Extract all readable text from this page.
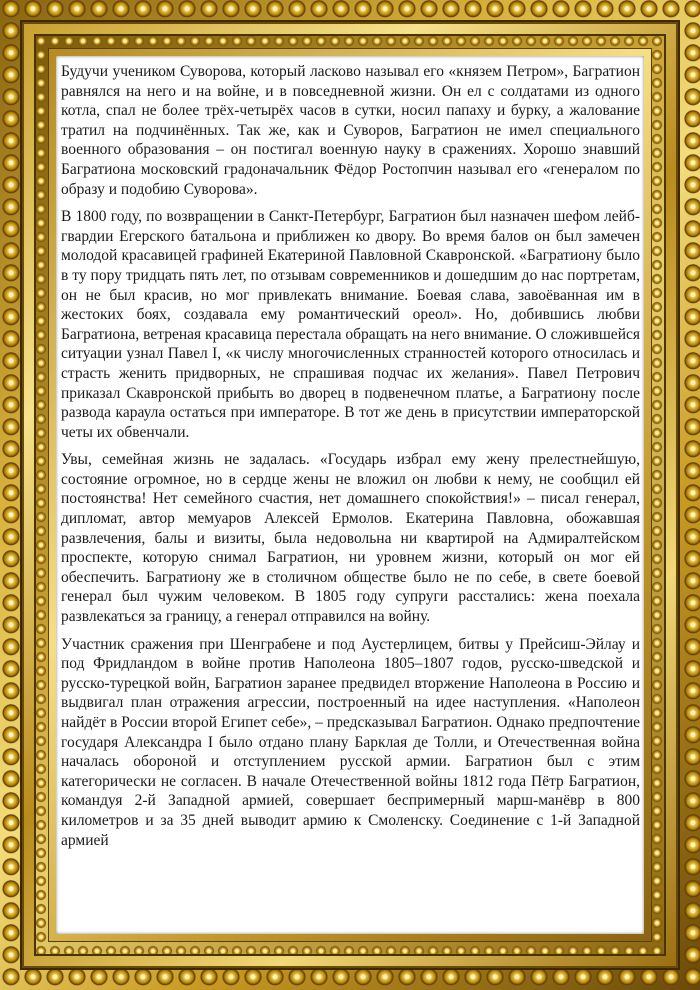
Будучи учеником Суворова, который ласково называл его «князем Петром», Багратион равнялся на него и на войне, и в повседневной жизни. Он ел с солдатами из одного котла, спал не более трёх-четырёх часов в сутки, носил папаху и бурку, а жалование тратил на подчинённых. Так же, как и Суворов, Багратион не имел специального военного образования – он постигал военную науку в сражениях. Хорошо знавший Багратиона московский градоначальник Фёдор Ростопчин называл его «генералом по образу и подобию Суворова».

В 1800 году, по возвращении в Санкт-Петербург, Багратион был назначен шефом лейб-гвардии Егерского батальона и приближен ко двору. Во время балов он был замечен молодой красавицей графиней Екатериной Павловной Скавронской. «Багратиону было в ту пору тридцать пять лет, по отзывам современников и дошедшим до нас портретам, он не был красив, но мог привлекать внимание. Боевая слава, завоёванная им в жестоких боях, создавала ему романтический ореол». Но, добившись любви Багратиона, ветреная красавица перестала обращать на него внимание. О сложившейся ситуации узнал Павел I, «к числу многочисленных странностей которого относилась и страсть женить придворных, не спрашивая подчас их желания». Павел Петрович приказал Скавронской прибыть во дворец в подвенечном платье, а Багратиону после развода караула остаться при императоре. В тот же день в присутствии императорской четы их обвенчали.

Увы, семейная жизнь не задалась. «Государь избрал ему жену прелестнейшую, состояние огромное, но в сердце жены не вложил он любви к нему, не сообщил ей постоянства! Нет семейного счастия, нет домашнего спокойствия!» – писал генерал, дипломат, автор мемуаров Алексей Ермолов. Екатерина Павловна, обожавшая развлечения, балы и визиты, была недовольна ни квартирой на Адмиралтейском проспекте, которую снимал Багратион, ни уровнем жизни, который он мог ей обеспечить. Багратиону же в столичном обществе было не по себе, в свете боевой генерал был чужим человеком. В 1805 году супруги расстались: жена поехала развлекаться за границу, а генерал отправился на войну.

Участник сражения при Шенграбене и под Аустерлицем, битвы у Прейсиш-Эйлау и под Фридландом в войне против Наполеона 1805–1807 годов, русско-шведской и русско-турецкой войн, Багратион заранее предвидел вторжение Наполеона в Россию и выдвигал план отражения агрессии, построенный на идее наступления. «Наполеон найдёт в России второй Египет себе», – предсказывал Багратион. Однако предпочтение государя Александра I было отдано плану Барклая де Толли, и Отечественная война началась обороной и отступлением русской армии. Багратион был с этим категорически не согласен. В начале Отечественной войны 1812 года Пётр Багратион, командуя 2-й Западной армией, совершает беспримерный марш-манёвр в 800 километров и за 35 дней выводит армию к Смоленску. Соединение с 1-й Западной армией
